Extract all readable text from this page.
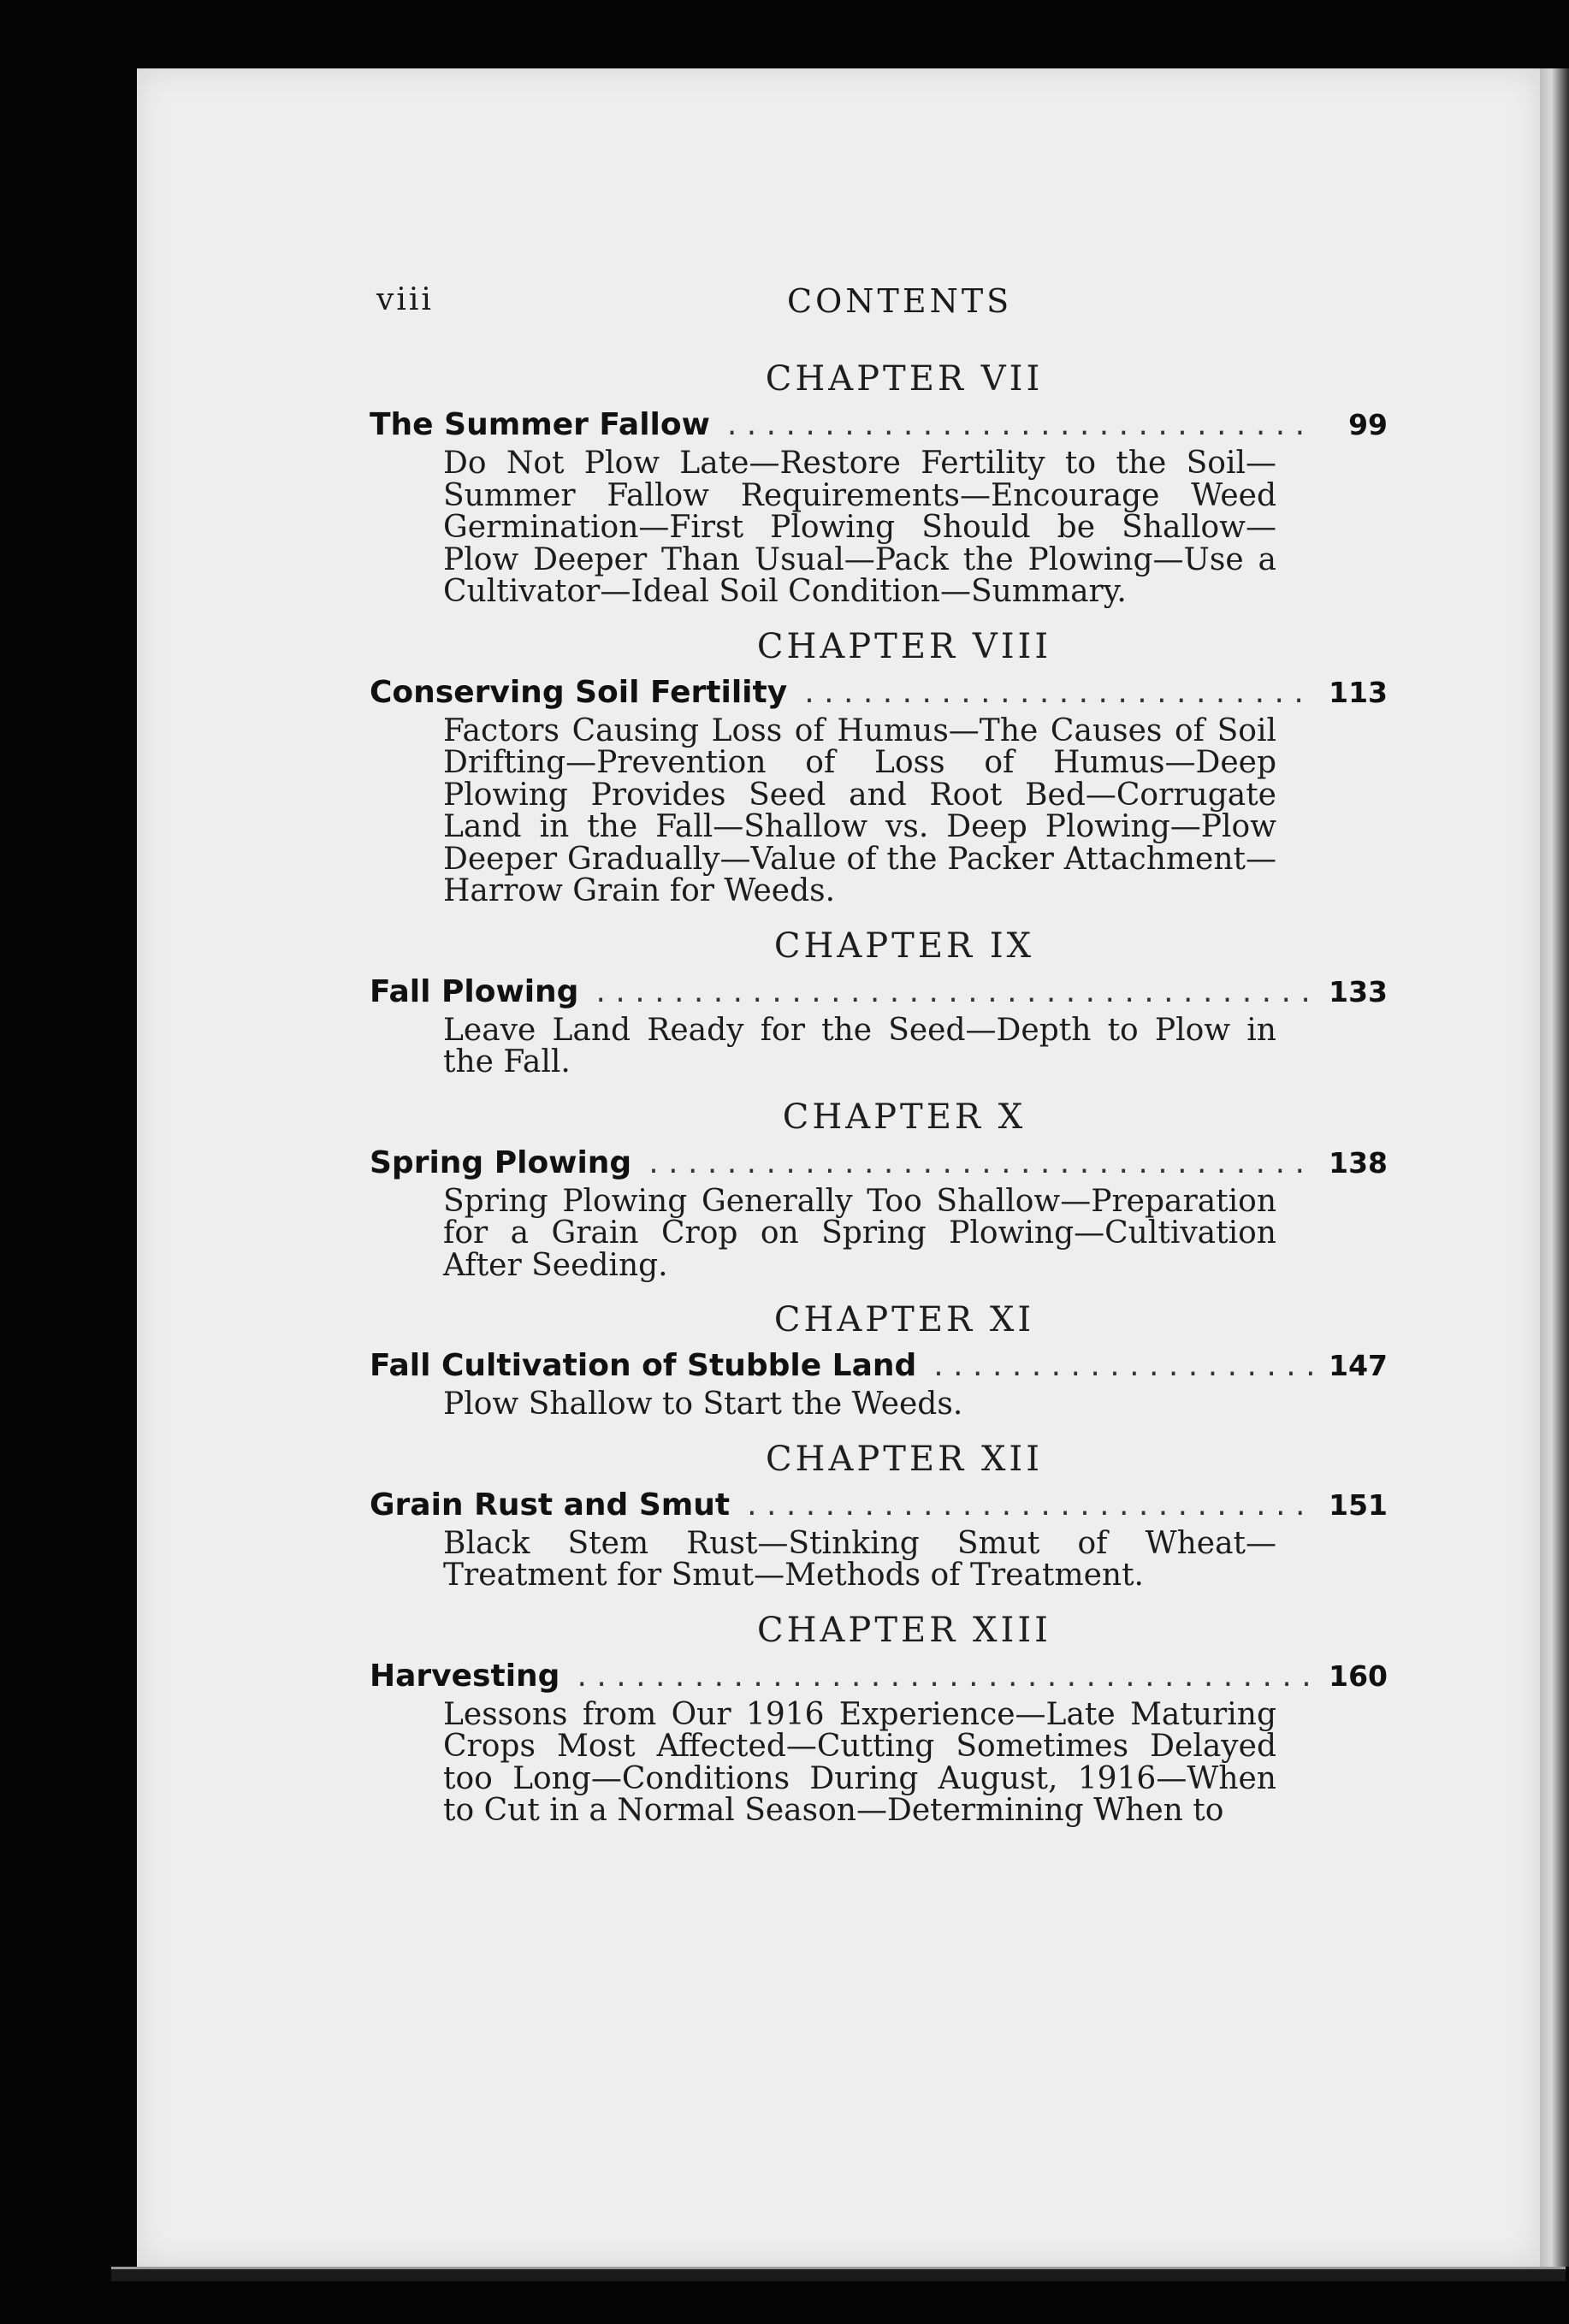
viii	CONTENTS
CHAPTER VII
The Summer Fallow . . .	99
Do Not Plow Late—Restore Fertility to the Soil—Summer Fallow Requirements—Encourage Weed Germination—First Plowing Should be Shallow—Plow Deeper Than Usual—Pack the Plowing—Use a Cultivator—Ideal Soil Condition—Summary.
CHAPTER VIII
Conserving Soil Fertility . . .	113
Factors Causing Loss of Humus—The Causes of Soil Drifting—Prevention of Loss of Humus—Deep Plowing Provides Seed and Root Bed—Corrugate Land in the Fall—Shallow vs. Deep Plowing—Plow Deeper Gradually—Value of the Packer Attachment—Harrow Grain for Weeds.
CHAPTER IX
Fall Plowing . . .	133
Leave Land Ready for the Seed—Depth to Plow in the Fall.
CHAPTER X
Spring Plowing . . .	138
Spring Plowing Generally Too Shallow—Preparation for a Grain Crop on Spring Plowing—Cultivation After Seeding.
CHAPTER XI
Fall Cultivation of Stubble Land . . .	147
Plow Shallow to Start the Weeds.
CHAPTER XII
Grain Rust and Smut . . .	151
Black Stem Rust—Stinking Smut of Wheat—Treatment for Smut—Methods of Treatment.
CHAPTER XIII
Harvesting . . .	160
Lessons from Our 1916 Experience—Late Maturing Crops Most Affected—Cutting Sometimes Delayed too Long—Conditions During August, 1916—When to Cut in a Normal Season—Determining When to
